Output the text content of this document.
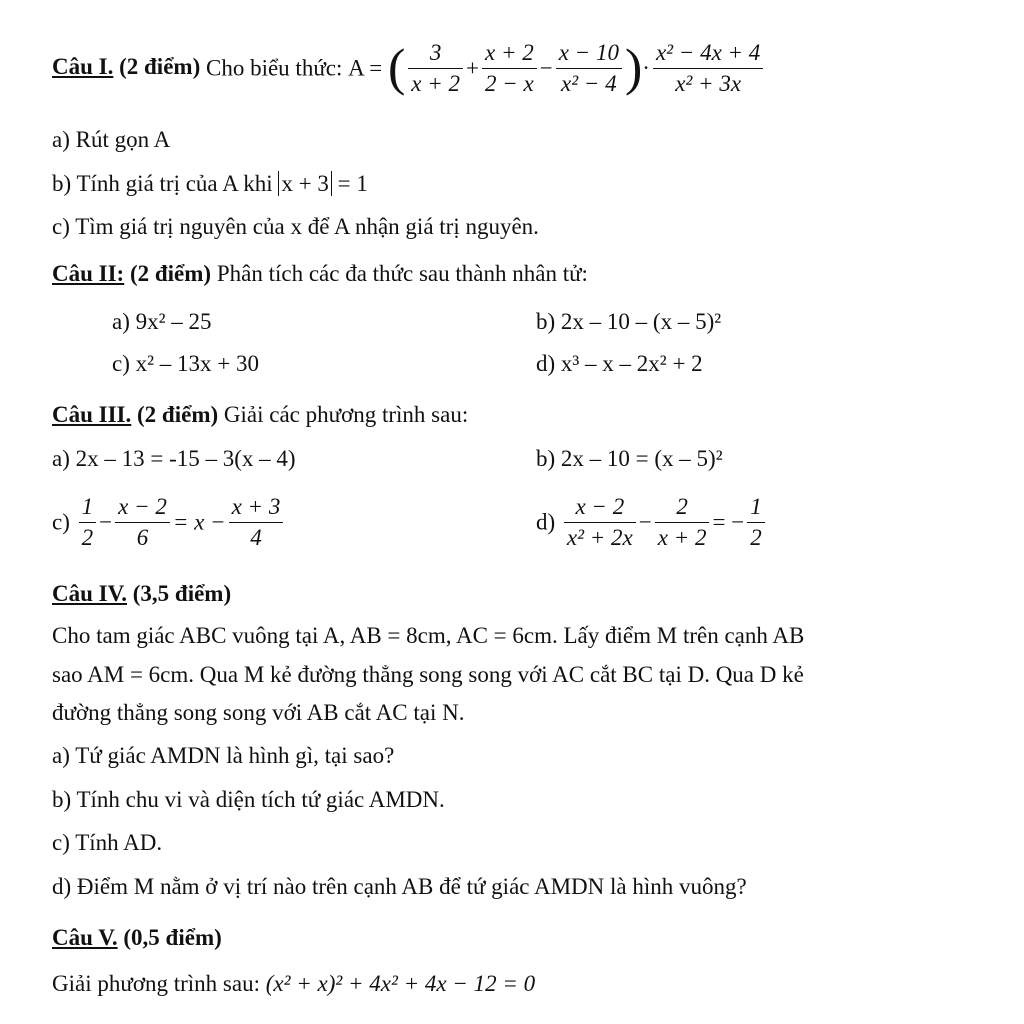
Câu I. (2 điểm) Cho biểu thức: A = ( $\frac{3}{x + 2} + \frac{x + 2}{2 - x} - \frac{x - 10}{\text{x² − 4}}$ )· $\frac{\text{x² − 4x + 4}}{\text{x² + 3x}}$
a) Rút gọn A
b) Tính giá trị của A khi x + 3 = 1
c) Tìm giá trị nguyên của x để A nhận giá trị nguyên.
Câu II: (2 điểm) Phân tích các đa thức sau thành nhân tử:
a) 9x² – 25	b) 2x – 10 – (x – 5)²
c) x² – 13x + 30	d) x³ – x – 2x² + 2
Câu III. (2 điểm) Giải các phương trình sau:
a) 2x – 13 = -15 – 3(x – 4)	b) 2x – 10 = (x – 5)²
$c) \frac{1}{2} - \frac{x - 2}{6} = x - \frac{x + 3}{4}$	$d) \frac{x - 2}{\text{x² + 2x}} - \frac{2}{x + 2}$ = − $\frac{1}{2}$
Câu IV. (3,5 điểm)
Cho tam giác ABC vuông tại A, AB = 8cm, AC = 6cm. Lấy điểm M trên cạnh AB
sao AM = 6cm. Qua M kẻ đường thẳng song song với AC cắt BC tại D. Qua D kẻ
đường thẳng song song với AB cắt AC tại N.
a) Tứ giác AMDN là hình gì, tại sao?
b) Tính chu vi và diện tích tứ giác AMDN.
c) Tính AD.
d) Điểm M nằm ở vị trí nào trên cạnh AB để tứ giác AMDN là hình vuông?
Câu V. (0,5 điểm)
Giải phương trình sau: (x² + x)² + 4x² + 4x − 12 = 0
